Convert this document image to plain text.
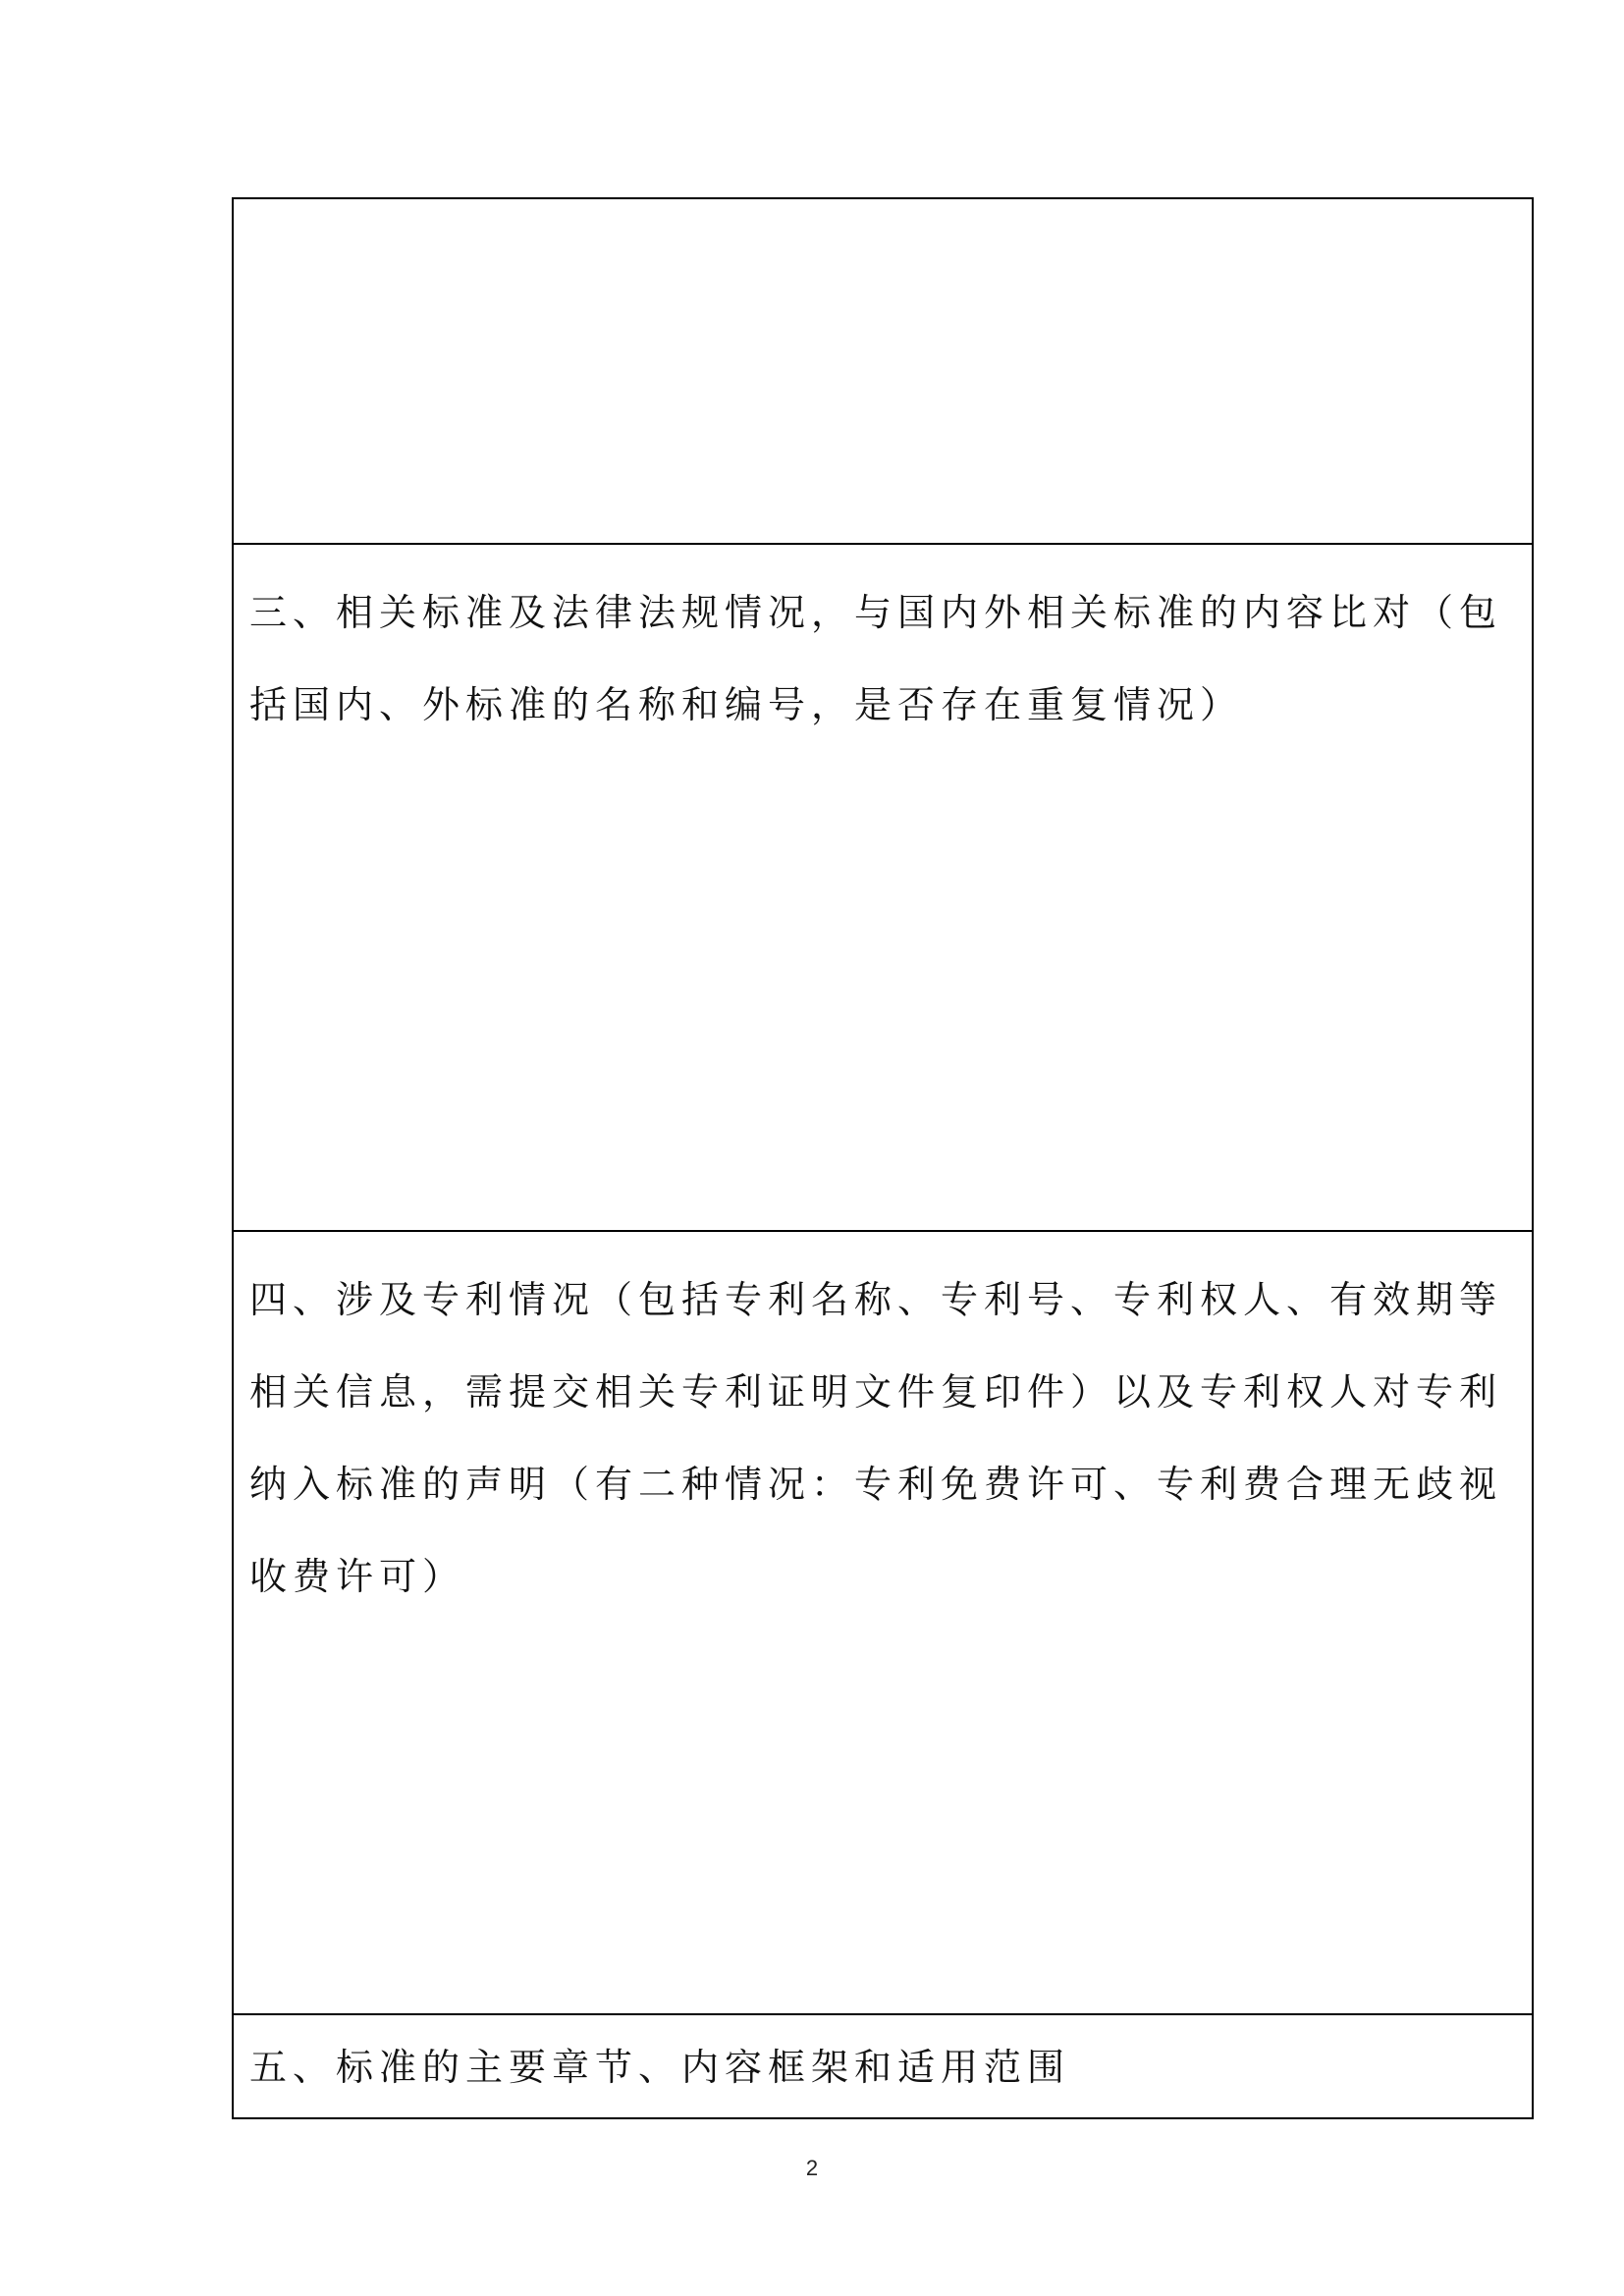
三、相关标准及法律法规情况，与国内外相关标准的内容比对（包括国内、外标准的名称和编号，是否存在重复情况）

四、涉及专利情况（包括专利名称、专利号、专利权人、有效期等相关信息，需提交相关专利证明文件复印件）以及专利权人对专利纳入标准的声明（有二种情况：专利免费许可、专利费合理无歧视收费许可）

五、标准的主要章节、内容框架和适用范围

2
